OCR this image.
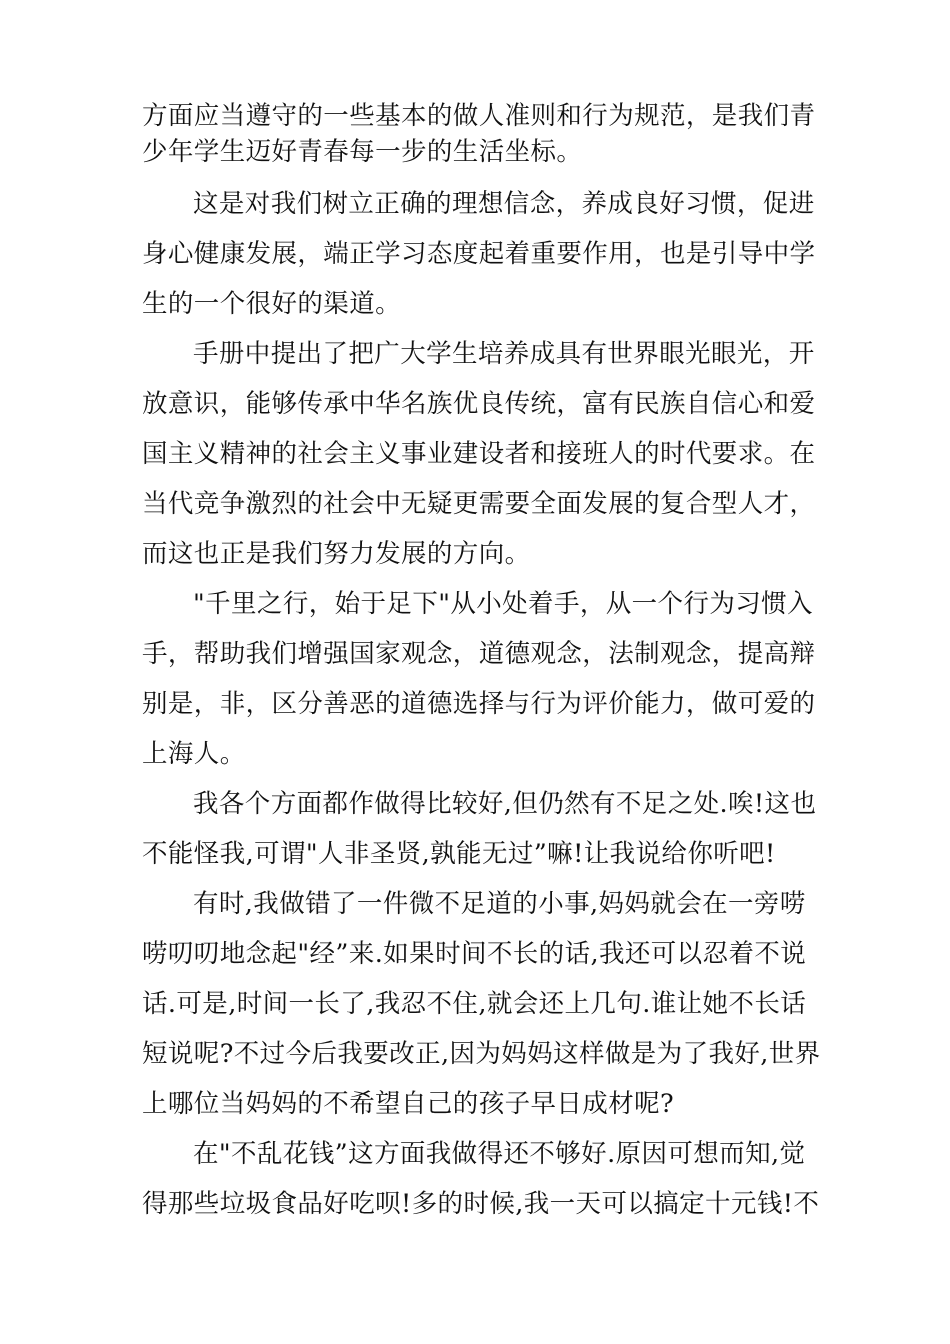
方面应当遵守的一些基本的做人准则和行为规范，是我们青少年学生迈好青春每一步的生活坐标。

这是对我们树立正确的理想信念，养成良好习惯，促进身心健康发展，端正学习态度起着重要作用，也是引导中学生的一个很好的渠道。

手册中提出了把广大学生培养成具有世界眼光眼光，开放意识，能够传承中华名族优良传统，富有民族自信心和爱国主义精神的社会主义事业建设者和接班人的时代要求。在当代竞争激烈的社会中无疑更需要全面发展的复合型人才，而这也正是我们努力发展的方向。

"千里之行，始于足下"从小处着手，从一个行为习惯入手，帮助我们增强国家观念，道德观念，法制观念，提高辩别是，非，区分善恶的道德选择与行为评价能力，做可爱的上海人。

我各个方面都作做得比较好,但仍然有不足之处.唉!这也不能怪我,可谓"人非圣贤,孰能无过”嘛!让我说给你听吧!

有时,我做错了一件微不足道的小事,妈妈就会在一旁唠唠叨叨地念起"经”来.如果时间不长的话,我还可以忍着不说话.可是,时间一长了,我忍不住,就会还上几句.谁让她不长话短说呢?不过今后我要改正,因为妈妈这样做是为了我好,世界上哪位当妈妈的不希望自己的孩子早日成材呢?

在"不乱花钱”这方面我做得还不够好.原因可想而知,觉得那些垃圾食品好吃呗!多的时候,我一天可以搞定十元钱!不
